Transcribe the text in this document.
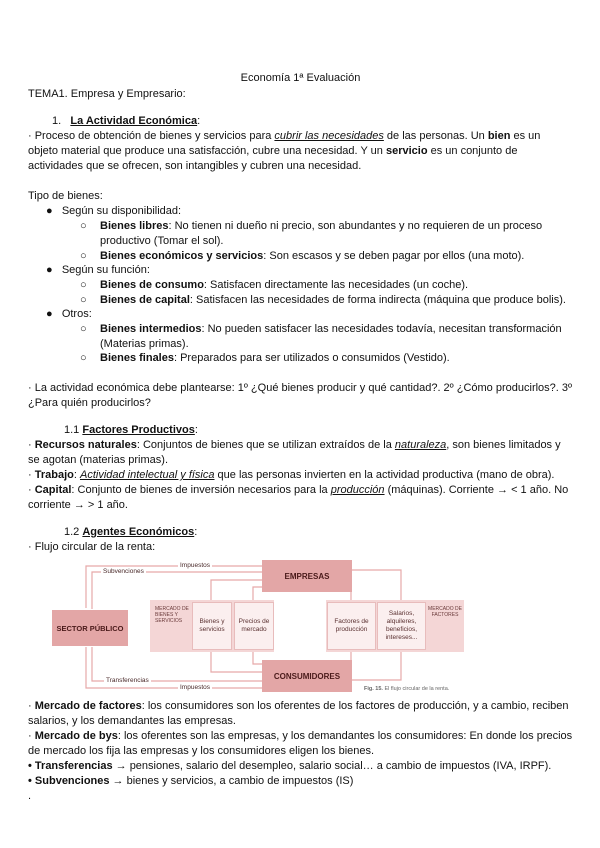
Economía 1ª Evaluación
TEMA1. Empresa y Empresario:
1. La Actividad Económica:
· Proceso de obtención de bienes y servicios para cubrir las necesidades de las personas. Un bien es un objeto material que produce una satisfacción, cubre una necesidad. Y un servicio es un conjunto de actividades que se ofrecen, son intangibles y cubren una necesidad.
Tipo de bienes:
●   Según su disponibilidad:
○	Bienes libres: No tienen ni dueño ni precio, son abundantes y no requieren de un proceso productivo (Tomar el sol).
○	Bienes económicos y servicios: Son escasos y se deben pagar por ellos (una moto).
●   Según su función:
○	Bienes de consumo: Satisfacen directamente las necesidades (un coche).
○	Bienes de capital: Satisfacen las necesidades de forma indirecta (máquina que produce bolis).
●   Otros:
○	Bienes intermedios: No pueden satisfacer las necesidades todavía, necesitan transformación (Materias primas).
○	Bienes finales: Preparados para ser utilizados o consumidos (Vestido).
· La actividad económica debe plantearse: 1º ¿Qué bienes producir y qué cantidad?. 2º ¿Cómo producirlos?. 3º ¿Para quién producirlos?
1.1 Factores Productivos:
· Recursos naturales: Conjuntos de bienes que se utilizan extraídos de la naturaleza, son bienes limitados y se agotan (materias primas).
· Trabajo: Actividad intelectual y física que las personas invierten en la actividad productiva (mano de obra).
· Capital: Conjunto de bienes de inversión necesarios para la producción (máquinas). Corriente → < 1 año. No corriente → > 1 año.
1.2 Agentes Económicos:
· Flujo circular de la renta:
SECTOR PÚBLICO
EMPRESAS
CONSUMIDORES
MERCADO DE BIENES Y SERVICIOS	Bienes y servicios
Precios de mercado
Factores de producción
Salarios, alquileres, beneficios, intereses...
MERCADO DE FACTORES
Impuestos
Subvenciones
Transferencias
Impuestos	Fig. 15. El flujo circular de la renta.
· Mercado de factores: los consumidores son los oferentes de los factores de producción, y a cambio, reciben salarios, y los demandantes las empresas.
· Mercado de bys: los oferentes son las empresas, y los demandantes los consumidores: En donde los precios de mercado los fija las empresas y los consumidores eligen los bienes.
• Transferencias → pensiones, salario del desempleo, salario social… a cambio de impuestos (IVA, IRPF).
• Subvenciones → bienes y servicios, a cambio de impuestos (IS)
.
